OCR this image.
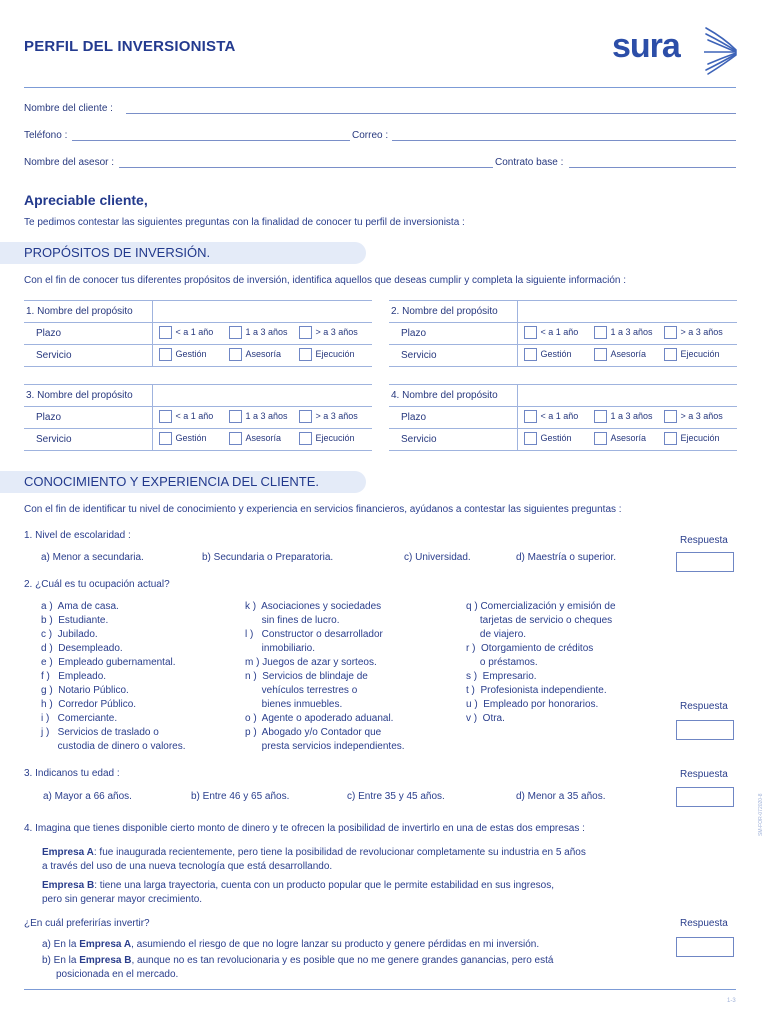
PERFIL DEL INVERSIONISTA	sura
Nombre del cliente :
Teléfono :	Correo :
Nombre del asesor :	Contrato base :
Apreciable cliente,
Te pedimos contestar las siguientes preguntas con la finalidad de conocer tu perfil de inversionista :
PROPÓSITOS DE INVERSIÓN.
Con el fin de conocer tus diferentes propósitos de inversión, identifica aquellos que deseas cumplir y completa la siguiente información :
1. Nombre del propósito	
Plazo	< a 1 año 1 a 3 años > a 3 años

Servicio	Gestión Asesoría Ejecución
2. Nombre del propósito	
Plazo	< a 1 año 1 a 3 años > a 3 años

Servicio	Gestión Asesoría Ejecución
3. Nombre del propósito	
Plazo	< a 1 año 1 a 3 años > a 3 años

Servicio	Gestión Asesoría Ejecución
4. Nombre del propósito	
Plazo	< a 1 año 1 a 3 años > a 3 años

Servicio	Gestión Asesoría Ejecución
CONOCIMIENTO Y EXPERIENCIA DEL CLIENTE.
Con el fin de identificar tu nivel de conocimiento y experiencia en servicios financieros, ayúdanos a contestar las siguientes preguntas :
1. Nivel de escolaridad :	Respuesta
a) Menor a secundaria.	b) Secundaria o Preparatoria.	c) Universidad.	d) Maestría o superior.
2. ¿Cuál es tu ocupación actual?
a )  Ama de casa.
b )  Estudiante.
c )  Jubilado.
d )  Desempleado.
e )  Empleado gubernamental.
f )   Empleado.
g )  Notario Público.
h )  Corredor Público.
i )   Comerciante.
j )   Servicios de traslado o
custodia de dinero o valores.
k )  Asociaciones y sociedades
sin fines de lucro.
l )   Constructor o desarrollador
inmobiliario.
m ) Juegos de azar y sorteos.
n )  Servicios de blindaje de
vehículos terrestres o
bienes inmuebles.
o )  Agente o apoderado aduanal.
p )  Abogado y/o Contador que
presta servicios independientes.
q ) Comercialización y emisión de
tarjetas de servicio o cheques
de viajero.
r )  Otorgamiento de créditos
o préstamos.
s )  Empresario.
t )  Profesionista independiente.
u )  Empleado por honorarios.
v )  Otra.
Respuesta
3. Indicanos tu edad :	Respuesta
a) Mayor a 66 años.	b) Entre 46 y 65 años.	c) Entre 35 y 45 años.	d) Menor a 35 años.
4. Imagina que tienes disponible cierto monto de dinero y te ofrecen la posibilidad de invertirlo en una de estas dos empresas :
Empresa A: fue inaugurada recientemente, pero tiene la posibilidad de revolucionar completamente su industria en 5 años
a través del uso de una nueva tecnología que está desarrollando.
Empresa B: tiene una larga trayectoria, cuenta con un producto popular que le permite estabilidad en sus ingresos,
pero sin generar mayor crecimiento.
¿En cuál preferirías invertir?	Respuesta
a) En la Empresa A, asumiendo el riesgo de que no logre lanzar su producto y genere pérdidas en mi inversión.
b) En la Empresa B, aunque no es tan revolucionaria y es posible que no me genere grandes ganancias, pero está
posicionada en el mercado.
SM-FOR-072020-8
1-3
